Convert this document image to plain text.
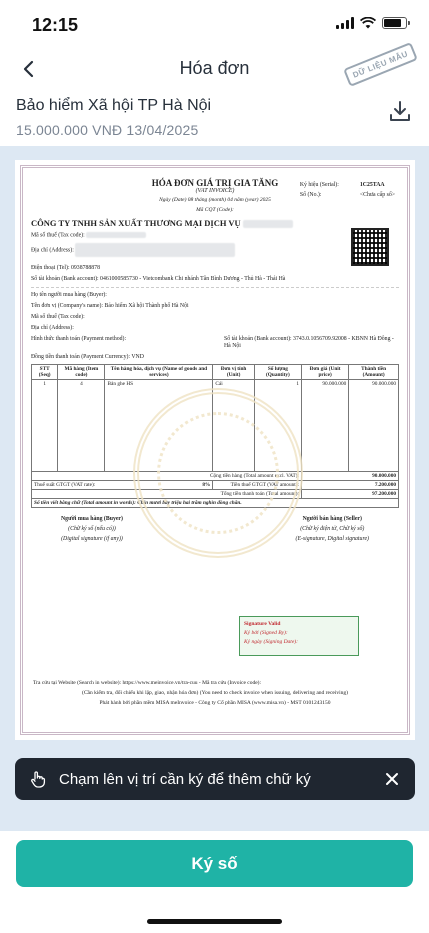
12:15
DỮ LIỆU MẪU
Hóa đơn
Bảo hiểm Xã hội TP Hà Nội
15.000.000 VNĐ 13/04/2025
Ký hiệu (Serial):	1C25TAA
Số (No.):	<Chưa cấp số>
HÓA ĐƠN GIÁ TRỊ GIA TĂNG
(VAT INVOICE)
Ngày (Date) 08 tháng (month) 04 năm (year) 2025
Mã CQT (Code):
CÔNG TY TNHH SẢN XUẤT THƯƠNG MẠI DỊCH VỤ
Mã số thuế (Tax code):
Địa chỉ (Address):
Điện thoại (Tel): 0938788878
Số tài khoản (Bank account): 0461000585730 - Vietcombank Chi nhánh Tân Bình Dương - Thủ Hà - Thái Hà
Họ tên người mua hàng (Buyer):
Tên đơn vị (Company's name): Bảo hiểm Xã hội Thành phố Hà Nội
Mã số thuế (Tax code):
Địa chỉ (Address):
Hình thức thanh toán (Payment method):	Số tài khoản (Bank account): 3743.0.1056709.92008 - KBNN Hà Đông - Hà Nội
Đồng tiền thanh toán (Payment Currency): VND
STT (Seq)	Mã hàng (Item code)	Tên hàng hóa, dịch vụ (Name of goods and services)	Đơn vị tính (Unit)	Số lượng (Quantity)	Đơn giá (Unit price)	Thành tiền (Amount)
1	4	Bản ghe HS	Cái	1	90.000.000	90.000.000
Cộng tiền hàng (Total amount excl. VAT):					90.000.000	
Thuế suất GTGT (VAT rate): 8%			Tiền thuế GTGT (VAT amount):		7.200.000	
Tổng tiền thanh toán (Total amount):					97.200.000	
Số tiền viết bằng chữ (Total amount in words): Chín mươi bảy triệu hai trăm nghìn đồng chẵn.						
Người mua hàng (Buyer)
(Chữ ký số (nếu có))
(Digital signature (if any))
Người bán hàng (Seller)
(Chữ ký điện tử, Chữ ký số)
(E-signature, Digital signature)
Signature Valid
Ký bởi (Signed By):
Ký ngày (Signing Date):
Tra cứu tại Website (Search in website): https://www.meinvoice.vn/tra-cuu - Mã tra cứu (Invoice code):
(Cần kiểm tra, đối chiếu khi lập, giao, nhận hóa đơn) (You need to check invoice when issuing, delivering and receiving)
Phát hành bởi phần mềm MISA meInvoice - Công ty Cổ phần MISA (www.misa.vn) - MST 0101243150
Chạm lên vị trí cần ký để thêm chữ ký
Ký số
